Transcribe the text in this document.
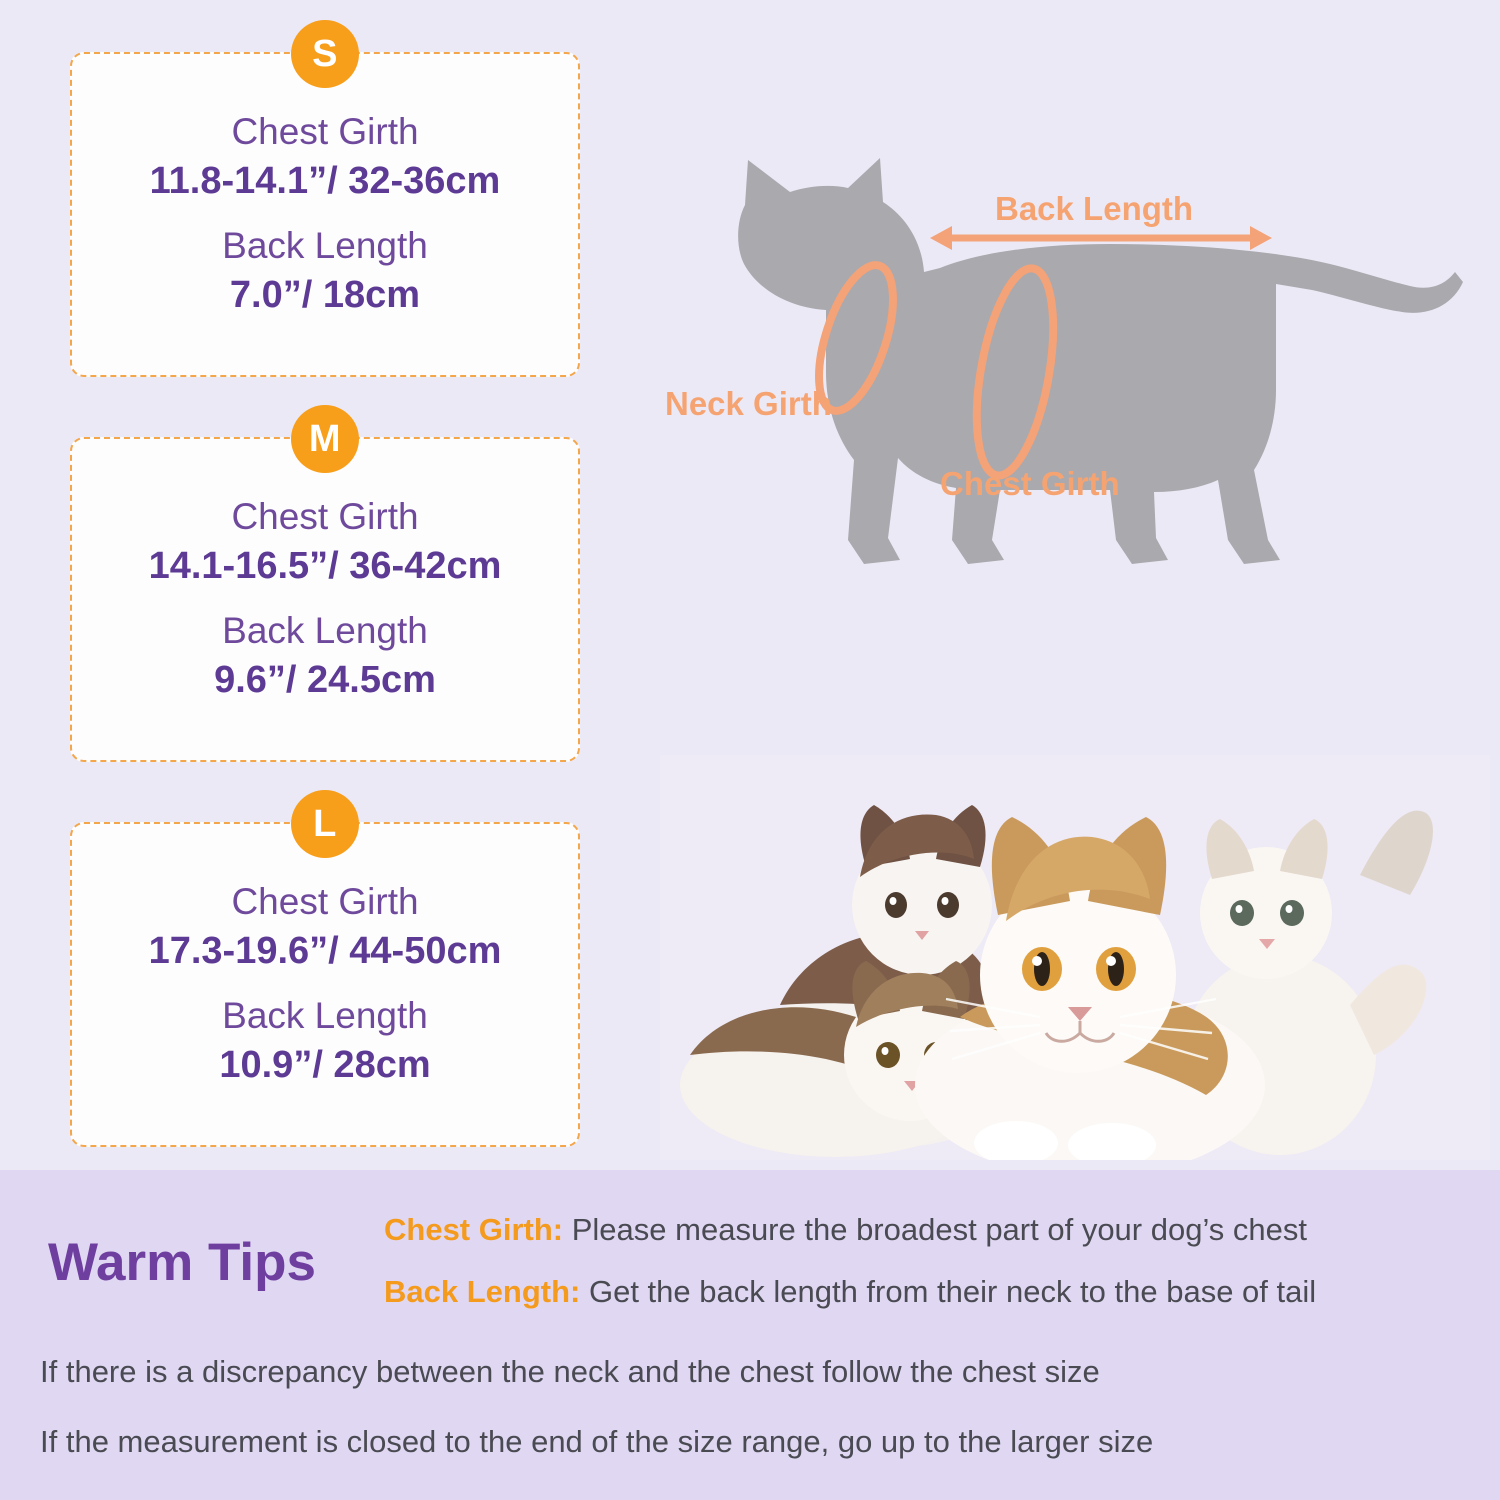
S
Chest Girth
11.8-14.1”/ 32-36cm
Back Length
7.0”/ 18cm
M
Chest Girth
14.1-16.5”/ 36-42cm
Back Length
9.6”/ 24.5cm
L
Chest Girth
17.3-19.6”/ 44-50cm
Back Length
10.9”/ 28cm
Back Length
Neck Girth
Chest Girth
Warm Tips
Chest Girth: Please measure the broadest part of your dog’s chest
Back Length: Get the back length from their neck to the base of tail
If there is a discrepancy between the neck and the chest follow the chest size
If the measurement is closed to the end of the size range, go up to the larger size
